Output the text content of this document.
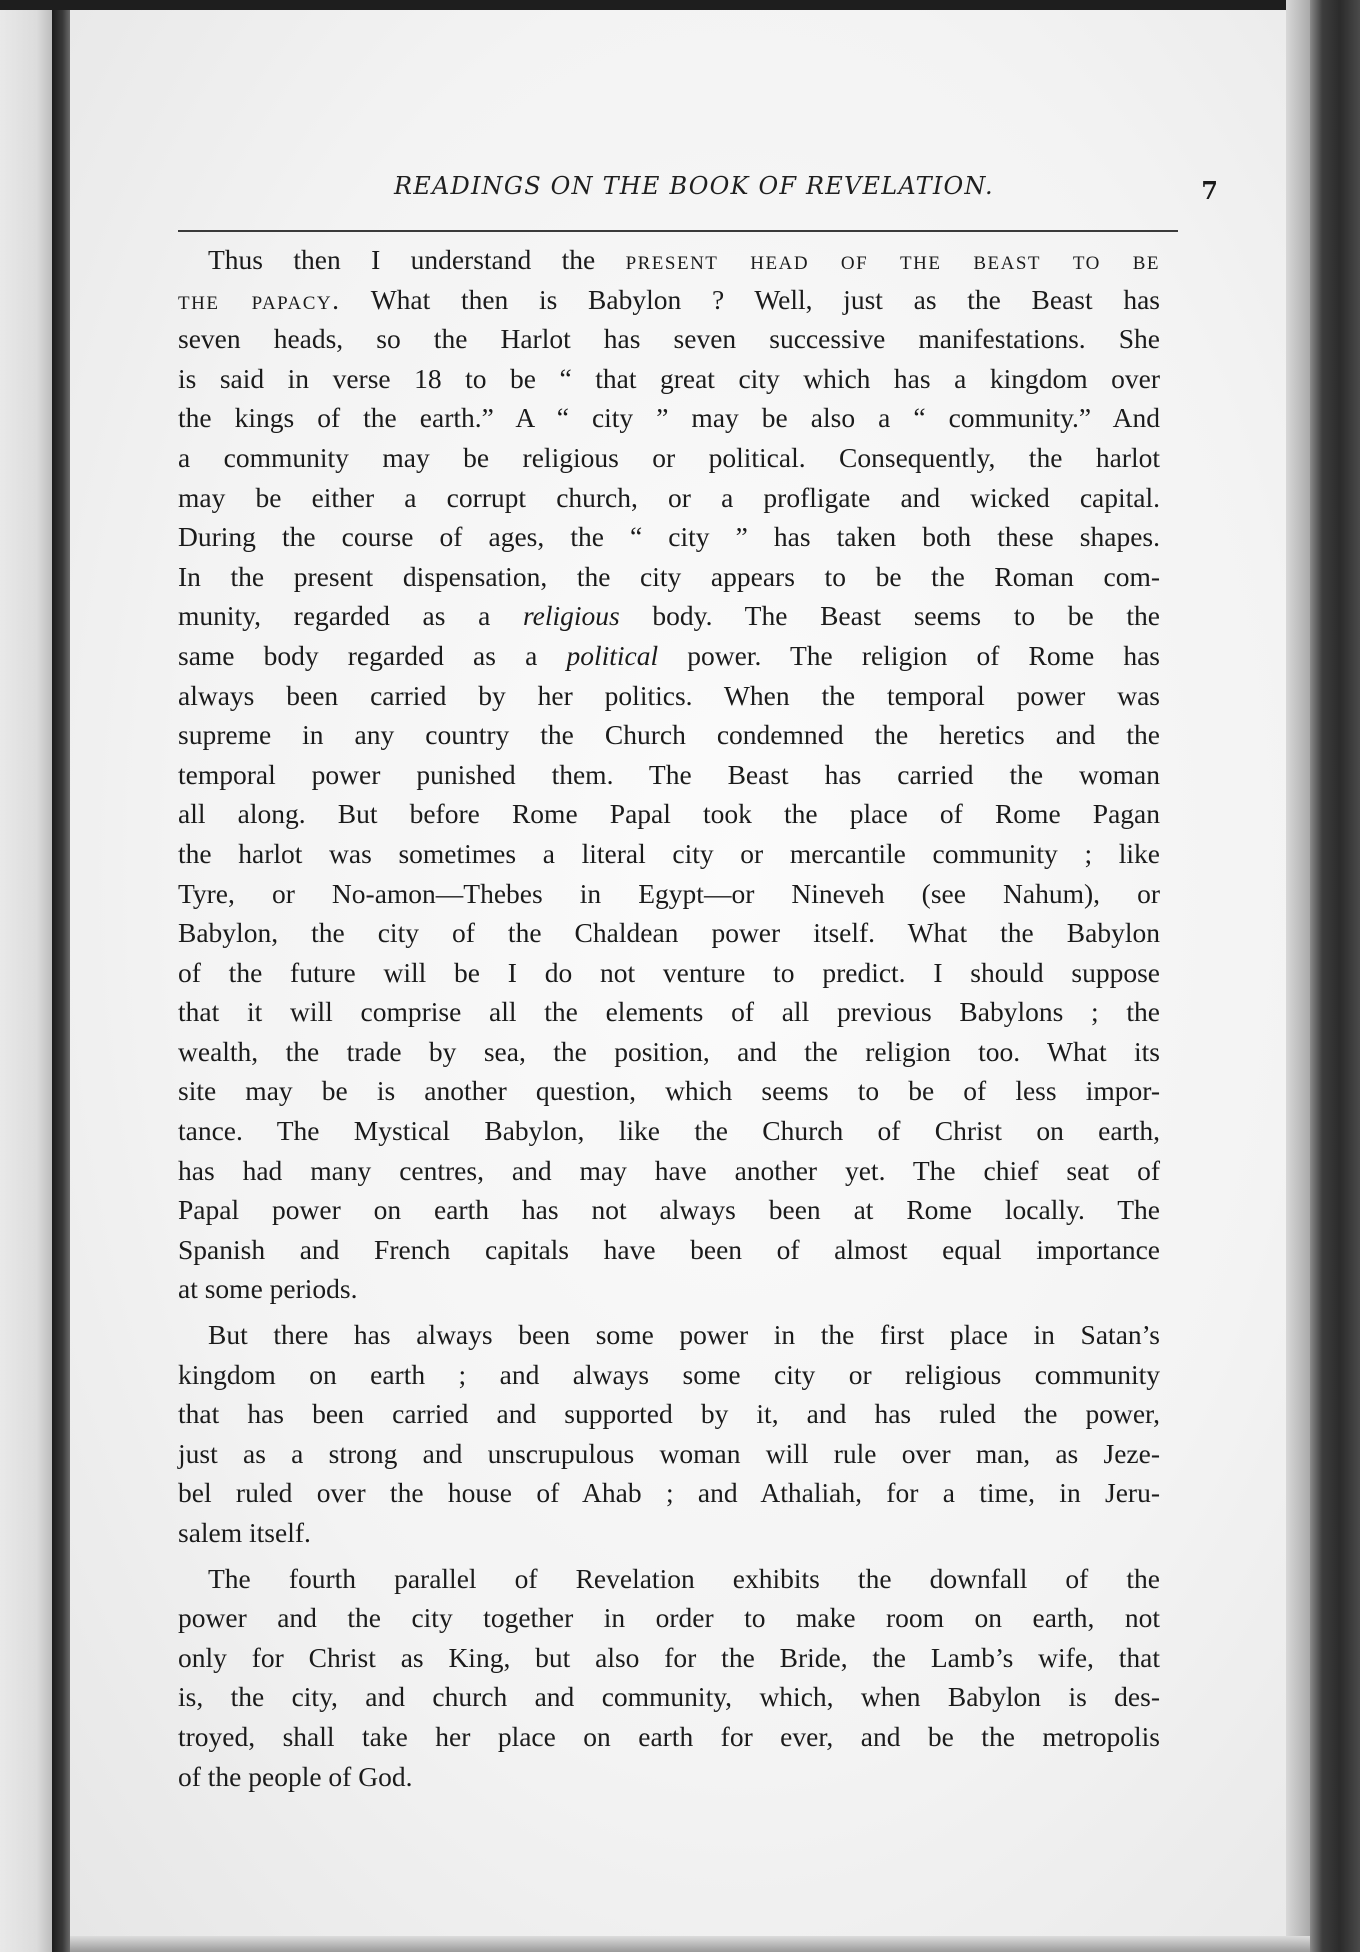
READINGS ON THE BOOK OF REVELATION.	7
Thus then I understand the present head of the beast to be
the papacy. What then is Babylon ? Well, just as the Beast has
seven heads, so the Harlot has seven successive manifestations. She
is said in verse 18 to be “ that great city which has a kingdom over
the kings of the earth.” A “ city ” may be also a “ community.” And
a community may be religious or political. Consequently, the harlot
may be either a corrupt church, or a profligate and wicked capital.
During the course of ages, the “ city ” has taken both these shapes.
In the present dispensation, the city appears to be the Roman com-
munity, regarded as a religious body. The Beast seems to be the
same body regarded as a political power. The religion of Rome has
always been carried by her politics. When the temporal power was
supreme in any country the Church condemned the heretics and the
temporal power punished them. The Beast has carried the woman
all along. But before Rome Papal took the place of Rome Pagan
the harlot was sometimes a literal city or mercantile community ; like
Tyre, or No-amon—Thebes in Egypt—or Nineveh (see Nahum), or
Babylon, the city of the Chaldean power itself. What the Babylon
of the future will be I do not venture to predict. I should suppose
that it will comprise all the elements of all previous Babylons ; the
wealth, the trade by sea, the position, and the religion too. What its
site may be is another question, which seems to be of less impor-
tance. The Mystical Babylon, like the Church of Christ on earth,
has had many centres, and may have another yet. The chief seat of
Papal power on earth has not always been at Rome locally. The
Spanish and French capitals have been of almost equal importance
at some periods.
But there has always been some power in the first place in Satan’s
kingdom on earth ; and always some city or religious community
that has been carried and supported by it, and has ruled the power,
just as a strong and unscrupulous woman will rule over man, as Jeze-
bel ruled over the house of Ahab ; and Athaliah, for a time, in Jeru-
salem itself.
The fourth parallel of Revelation exhibits the downfall of the
power and the city together in order to make room on earth, not
only for Christ as King, but also for the Bride, the Lamb’s wife, that
is, the city, and church and community, which, when Babylon is des-
troyed, shall take her place on earth for ever, and be the metropolis
of the people of God.
